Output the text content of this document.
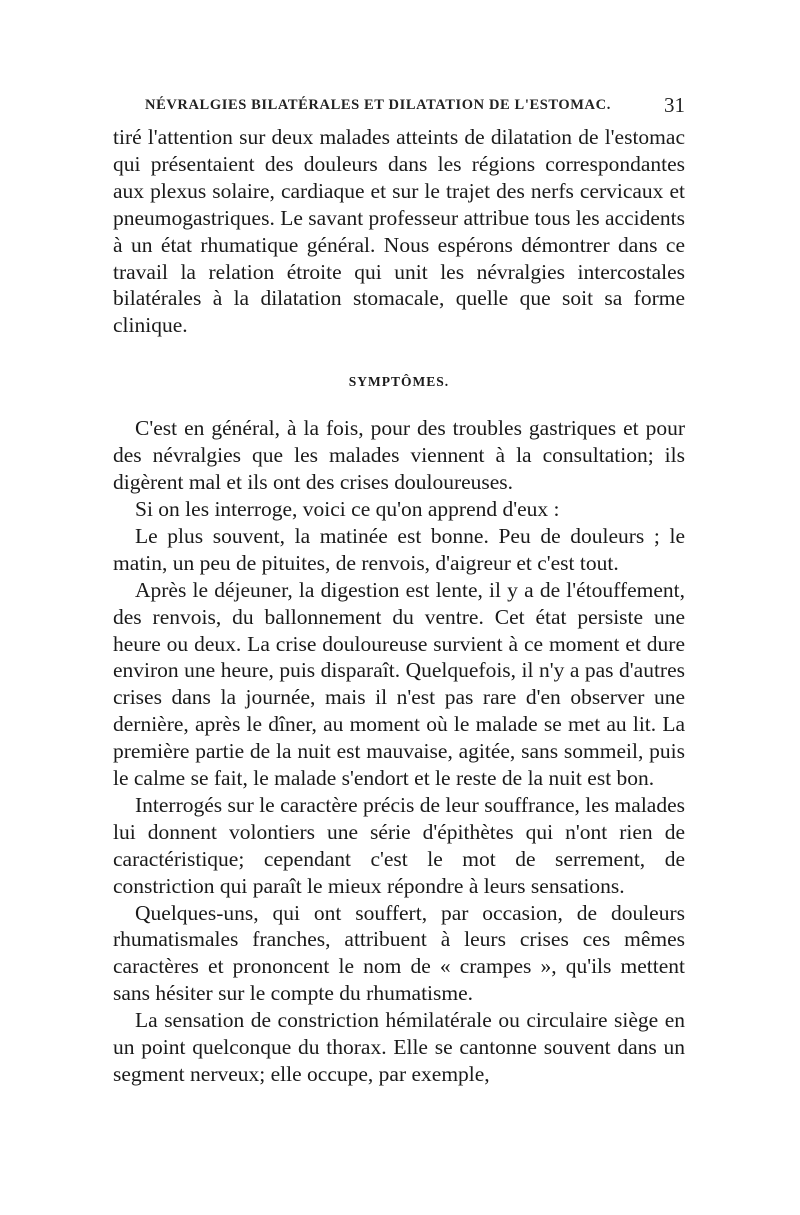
NÉVRALGIES BILATÉRALES ET DILATATION DE L'ESTOMAC.	31

tiré l'attention sur deux malades atteints de dilatation de l'estomac qui présentaient des douleurs dans les régions correspondantes aux plexus solaire, cardiaque et sur le trajet des nerfs cervicaux et pneumogastriques. Le savant professeur attribue tous les accidents à un état rhumatique général. Nous espérons démontrer dans ce travail la relation étroite qui unit les névralgies intercostales bilatérales à la dilatation stomacale, quelle que soit sa forme clinique.

SYMPTÔMES.

C'est en général, à la fois, pour des troubles gastriques et pour des névralgies que les malades viennent à la consultation; ils digèrent mal et ils ont des crises douloureuses.

Si on les interroge, voici ce qu'on apprend d'eux :

Le plus souvent, la matinée est bonne. Peu de douleurs ; le matin, un peu de pituites, de renvois, d'aigreur et c'est tout.

Après le déjeuner, la digestion est lente, il y a de l'étouffement, des renvois, du ballonnement du ventre. Cet état persiste une heure ou deux. La crise douloureuse survient à ce moment et dure environ une heure, puis disparaît. Quelquefois, il n'y a pas d'autres crises dans la journée, mais il n'est pas rare d'en observer une dernière, après le dîner, au moment où le malade se met au lit. La première partie de la nuit est mauvaise, agitée, sans sommeil, puis le calme se fait, le malade s'endort et le reste de la nuit est bon.

Interrogés sur le caractère précis de leur souffrance, les malades lui donnent volontiers une série d'épithètes qui n'ont rien de caractéristique; cependant c'est le mot de serrement, de constriction qui paraît le mieux répondre à leurs sensations.

Quelques-uns, qui ont souffert, par occasion, de douleurs rhumatismales franches, attribuent à leurs crises ces mêmes caractères et prononcent le nom de « crampes », qu'ils mettent sans hésiter sur le compte du rhumatisme.

La sensation de constriction hémilatérale ou circulaire siège en un point quelconque du thorax. Elle se cantonne souvent dans un segment nerveux; elle occupe, par exemple,
